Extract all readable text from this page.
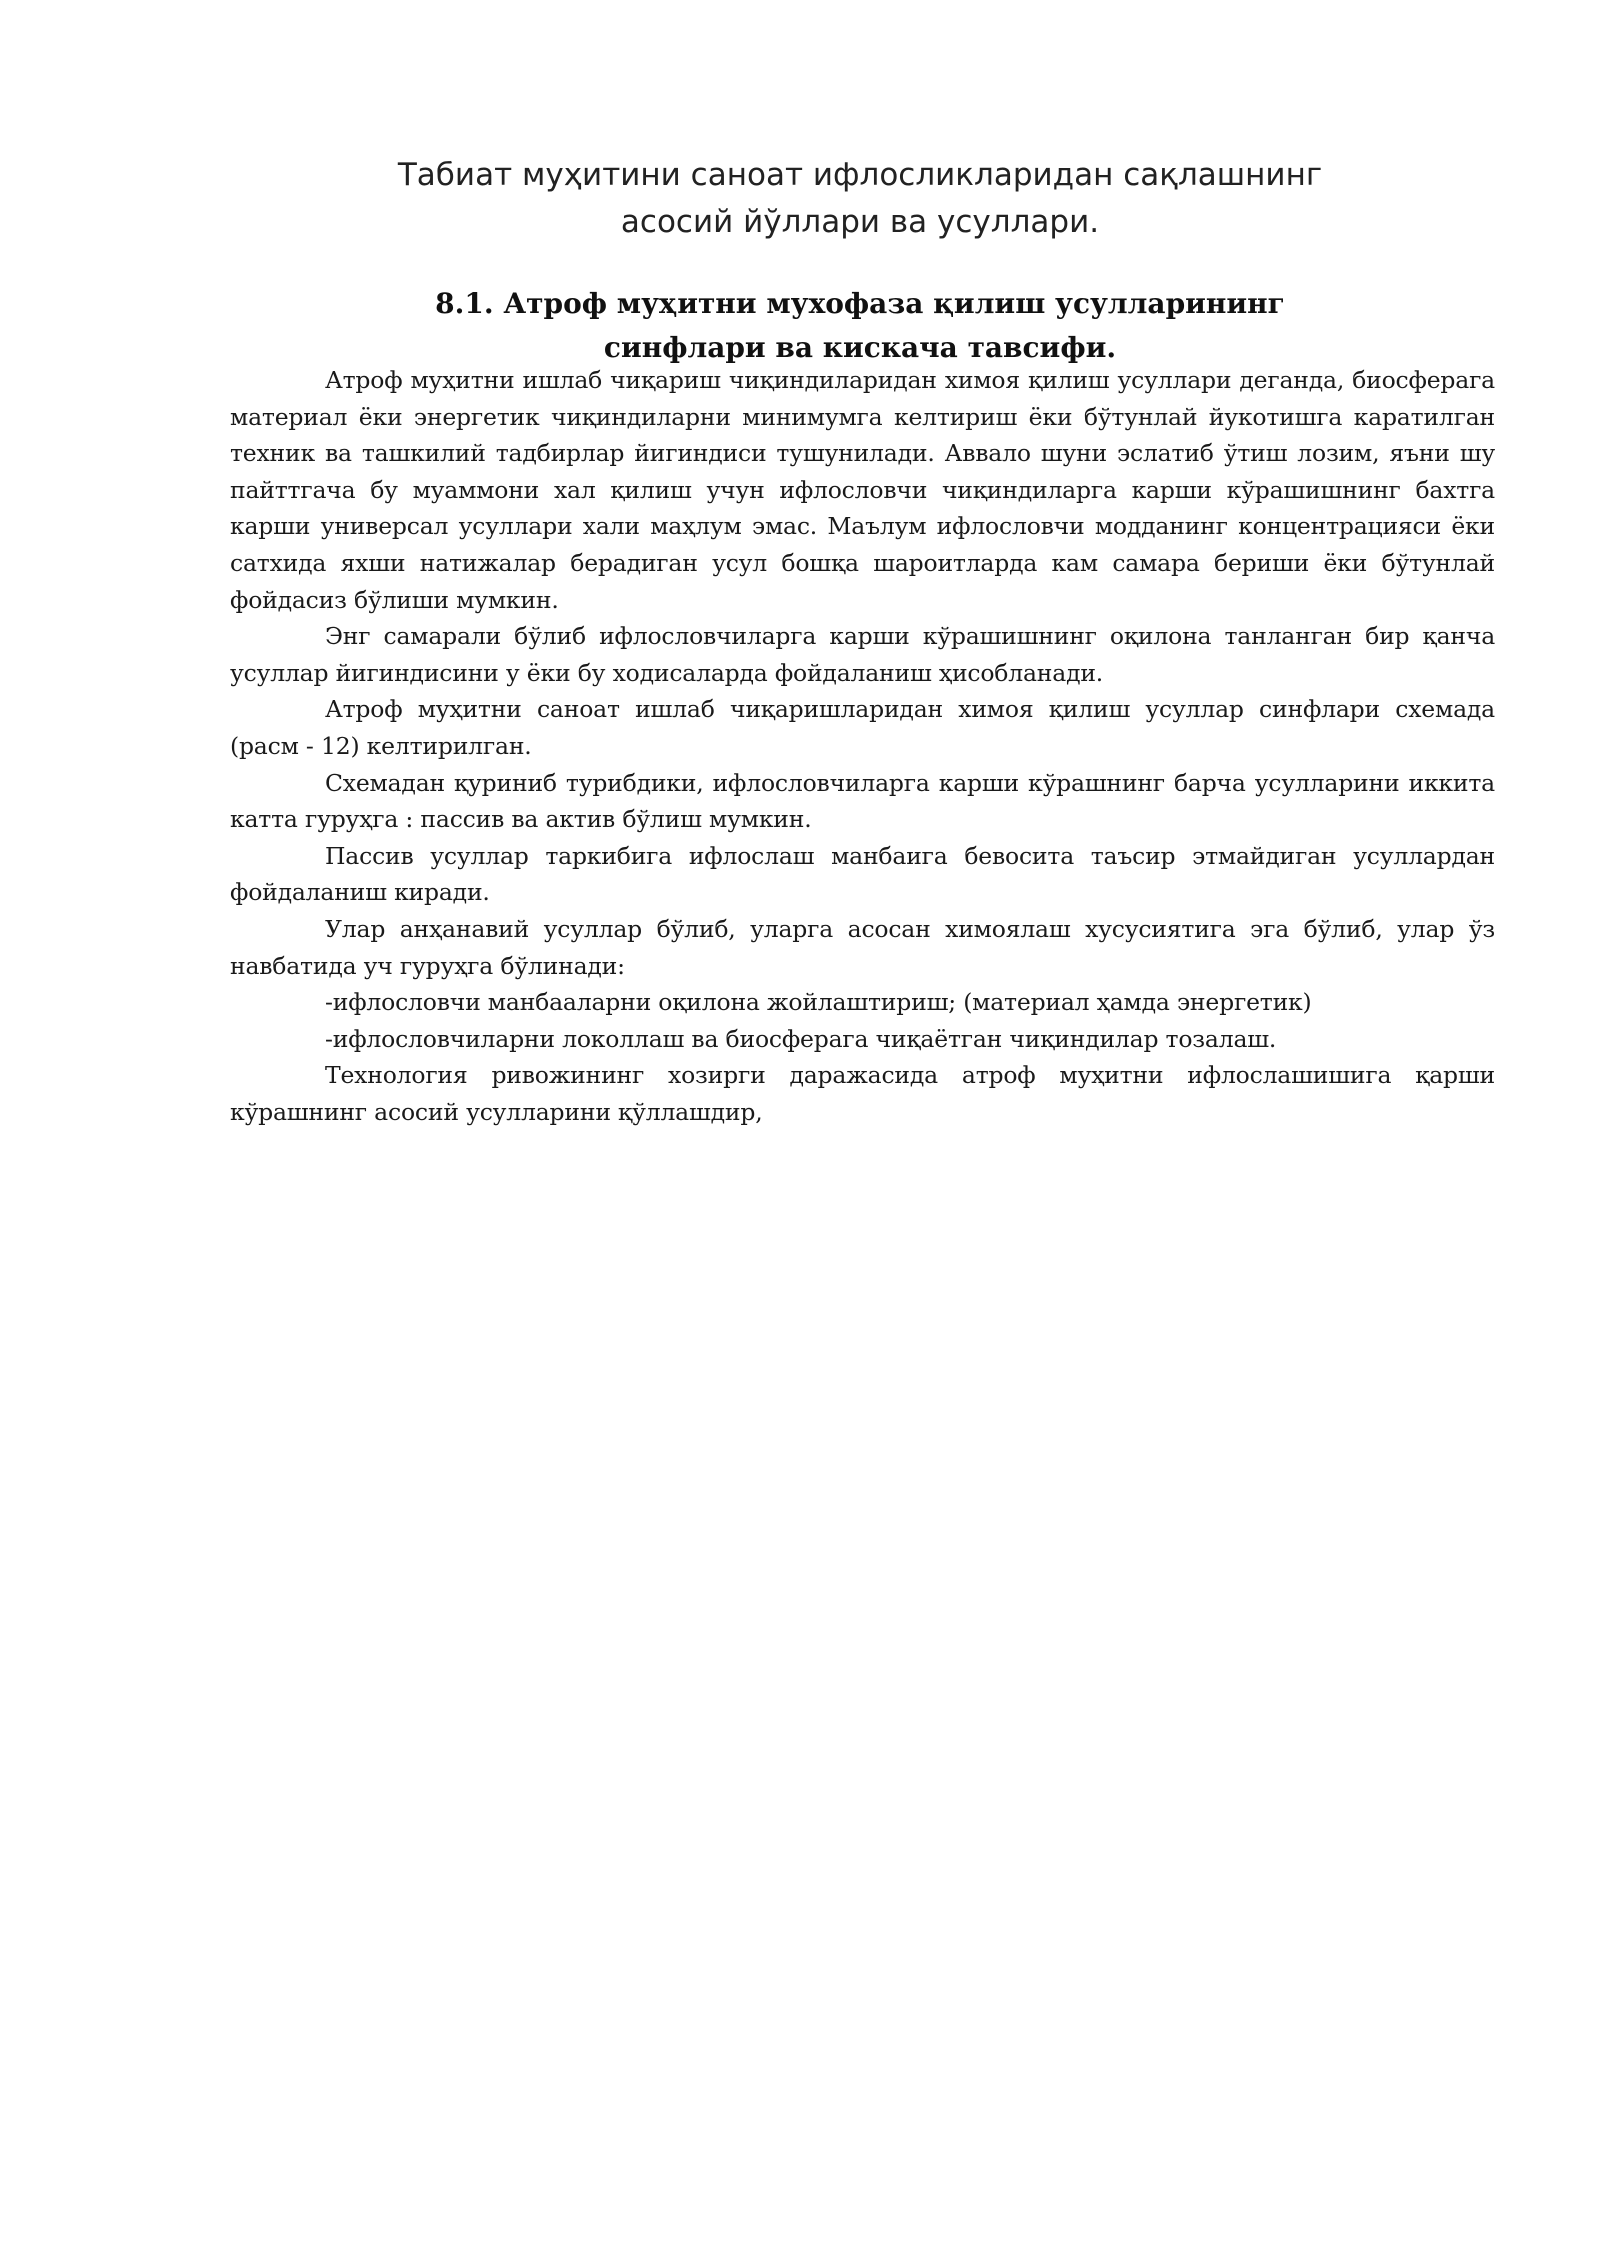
Табиат муҳитини саноат ифлосликларидан сақлашнинг
асосий йўллари ва усуллари.
8.1. Атроф муҳитни мухофаза қилиш усулларининг
синфлари ва кискача тавсифи.

Атроф муҳитни ишлаб чиқариш чиқиндиларидан химоя қилиш усуллари деганда, биосферага материал ёки энергетик чиқиндиларни минимумга келтириш ёки бўтунлай йукотишга каратилган техник ва ташкилий тадбирлар йигиндиси тушунилади. Аввало шуни эслатиб ўтиш лозим, яъни шу пайттгача бу муаммони хал қилиш учун ифлословчи чиқиндиларга карши кўрашишнинг бахтга карши универсал усуллари хали маҳлум эмас. Маълум ифлословчи модданинг концентрацияси ёки сатхида яхши натижалар берадиган усул бошқа шароитларда кам самара бериши ёки бўтунлай фойдасиз бўлиши мумкин.

Энг самарали бўлиб ифлословчиларга карши кўрашишнинг оқилона танланган бир қанча усуллар йигиндисини у ёки бу ходисаларда фойдаланиш ҳисобланади.

Атроф муҳитни саноат ишлаб чиқаришларидан химоя қилиш усуллар синфлари схемада (расм - 12) келтирилган.

Схемадан қуриниб турибдики, ифлословчиларга карши кўрашнинг барча усулларини иккита катта гуруҳга : пассив ва актив бўлиш мумкин.

Пассив усуллар таркибига ифлослаш манбаига бевосита таъсир этмайдиган усуллардан фойдаланиш киради.

Улар анҳанавий усуллар бўлиб, уларга асосан химоялаш хусусиятига эга бўлиб, улар ўз навбатида уч гуруҳга бўлинади:

-ифлословчи манбааларни оқилона жойлаштириш; (материал ҳамда энергетик)

-ифлословчиларни локоллаш ва биосферага чиқаётган чиқиндилар тозалаш.

Технология ривожининг хозирги даражасида атроф муҳитни ифлослашишига қарши кўрашнинг асосий усулларини қўллашдир,
